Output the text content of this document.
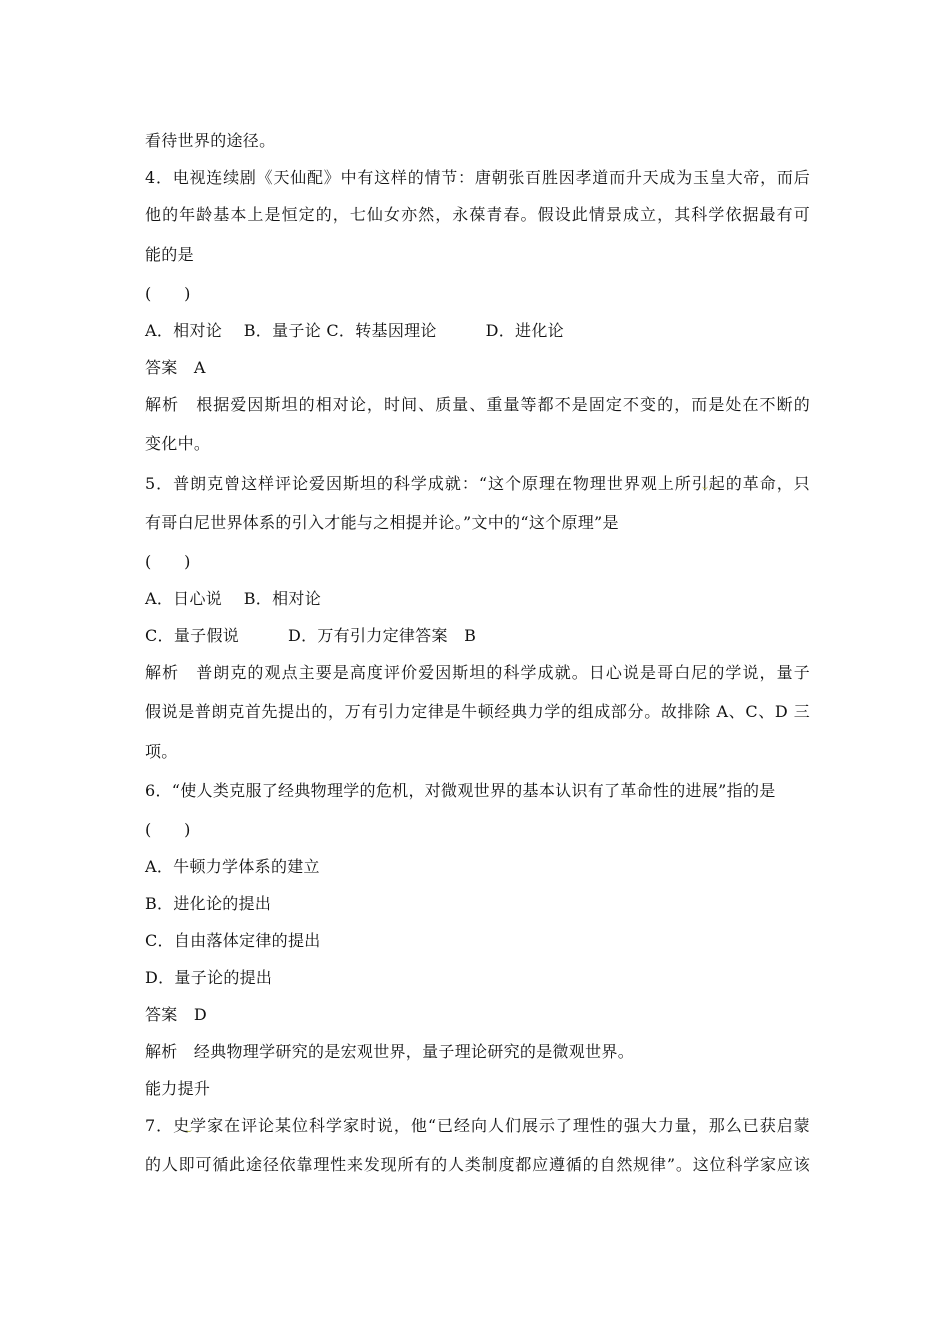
看待世界的途径。
4．电视连续剧《天仙配》中有这样的情节：唐朝张百胜因孝道而升天成为玉皇大帝，而后
他的年龄基本上是恒定的，七仙女亦然，永葆青春。假设此情景成立，其科学依据最有可
能的是
(　　)
A．相对论　 B．量子论 C．转基因理论　　　D．进化论
答案　A
解析　根据爱因斯坦的相对论，时间、质量、重量等都不是固定不变的，而是处在不断的
变化中。
5．普朗克曾这样评论爱因斯坦的科学成就：“这个原理在物理世界观上所引起的革命，只
有哥白尼世界体系的引入才能与之相提并论。”文中的“这个原理”是
(　　)
A．日心说　 B．相对论
C．量子假说　　　D．万有引力定律答案　B
解析　普朗克的观点主要是高度评价爱因斯坦的科学成就。日心说是哥白尼的学说，量子
假说是普朗克首先提出的，万有引力定律是牛顿经典力学的组成部分。故排除 A、C、D 三
项。
6．“使人类克服了经典物理学的危机，对微观世界的基本认识有了革命性的进展”指的是
(　　)
A．牛顿力学体系的建立
B．进化论的提出
C．自由落体定律的提出
D．量子论的提出
答案　D
解析　经典物理学研究的是宏观世界，量子理论研究的是微观世界。
能力提升
7．史学家在评论某位科学家时说，他“已经向人们展示了理性的强大力量，那么已获启蒙
的人即可循此途径依靠理性来发现所有的人类制度都应遵循的自然规律”。这位科学家应该
